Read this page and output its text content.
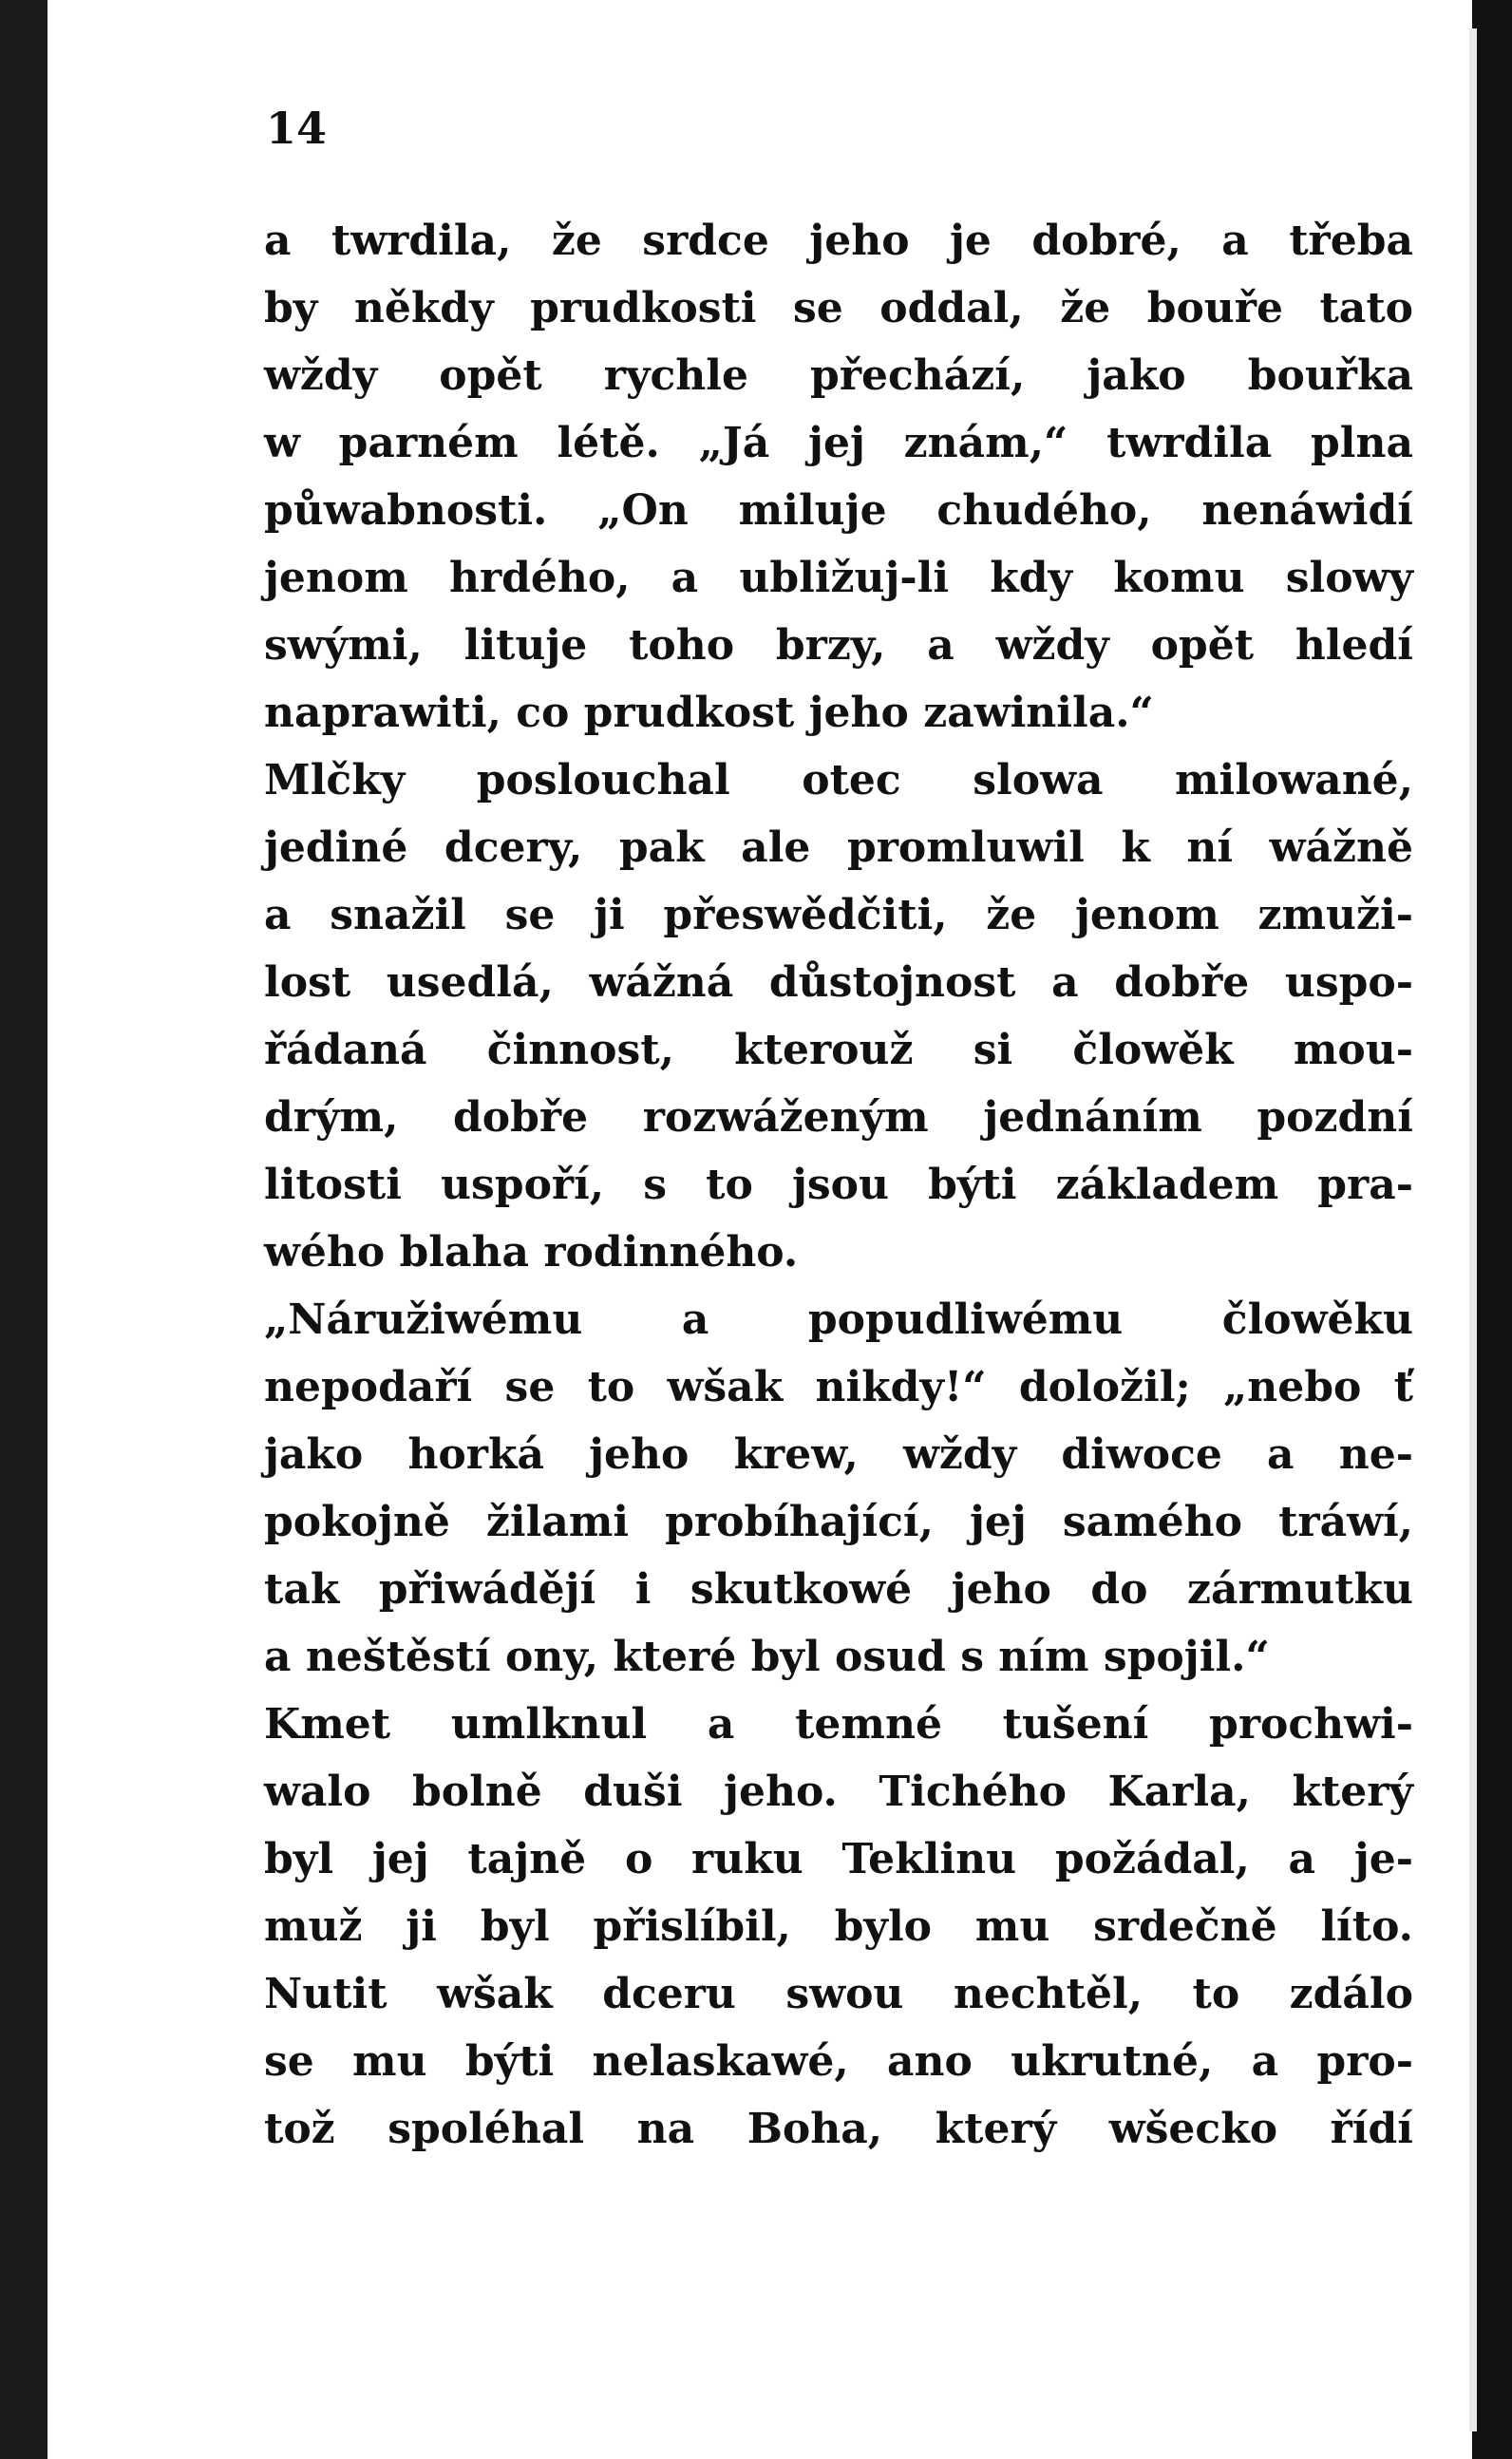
14

a twrdila, že srdce jeho je dobré, a třeba
by někdy prudkosti se oddal, že bouře tato
wždy opět rychle přechází, jako bouřka
w parném létě. „Já jej znám,“ twrdila plna
půwabnosti. „On miluje chudého, nenáwidí
jenom hrdého, a ubližuj-li kdy komu slowy
swými, lituje toho brzy, a wždy opět hledí
naprawiti, co prudkost jeho zawinila.“
Mlčky poslouchal otec slowa milowané,
jediné dcery, pak ale promluwil k ní wážně
a snažil se ji přeswědčiti, že jenom zmuži-
lost usedlá, wážná důstojnost a dobře uspo-
řádaná činnost, kterouž si člowěk mou-
drým, dobře rozwáženým jednáním pozdní
litosti uspoří, s to jsou býti základem pra-
wého blaha rodinného.
„Náružiwému a popudliwému člowěku
nepodaří se to wšak nikdy!“ doložil; „nebo ť
jako horká jeho krew, wždy diwoce a ne-
pokojně žilami probíhající, jej samého tráwí,
tak přiwádějí i skutkowé jeho do zármutku
a neštěstí ony, které byl osud s ním spojil.“
Kmet umlknul a temné tušení prochwi-
walo bolně duši jeho. Tichého Karla, který
byl jej tajně o ruku Teklinu požádal, a je-
muž ji byl přislíbil, bylo mu srdečně líto.
Nutit wšak dceru swou nechtěl, to zdálo
se mu býti nelaskawé, ano ukrutné, a pro-
tož spoléhal na Boha, který wšecko řídí
